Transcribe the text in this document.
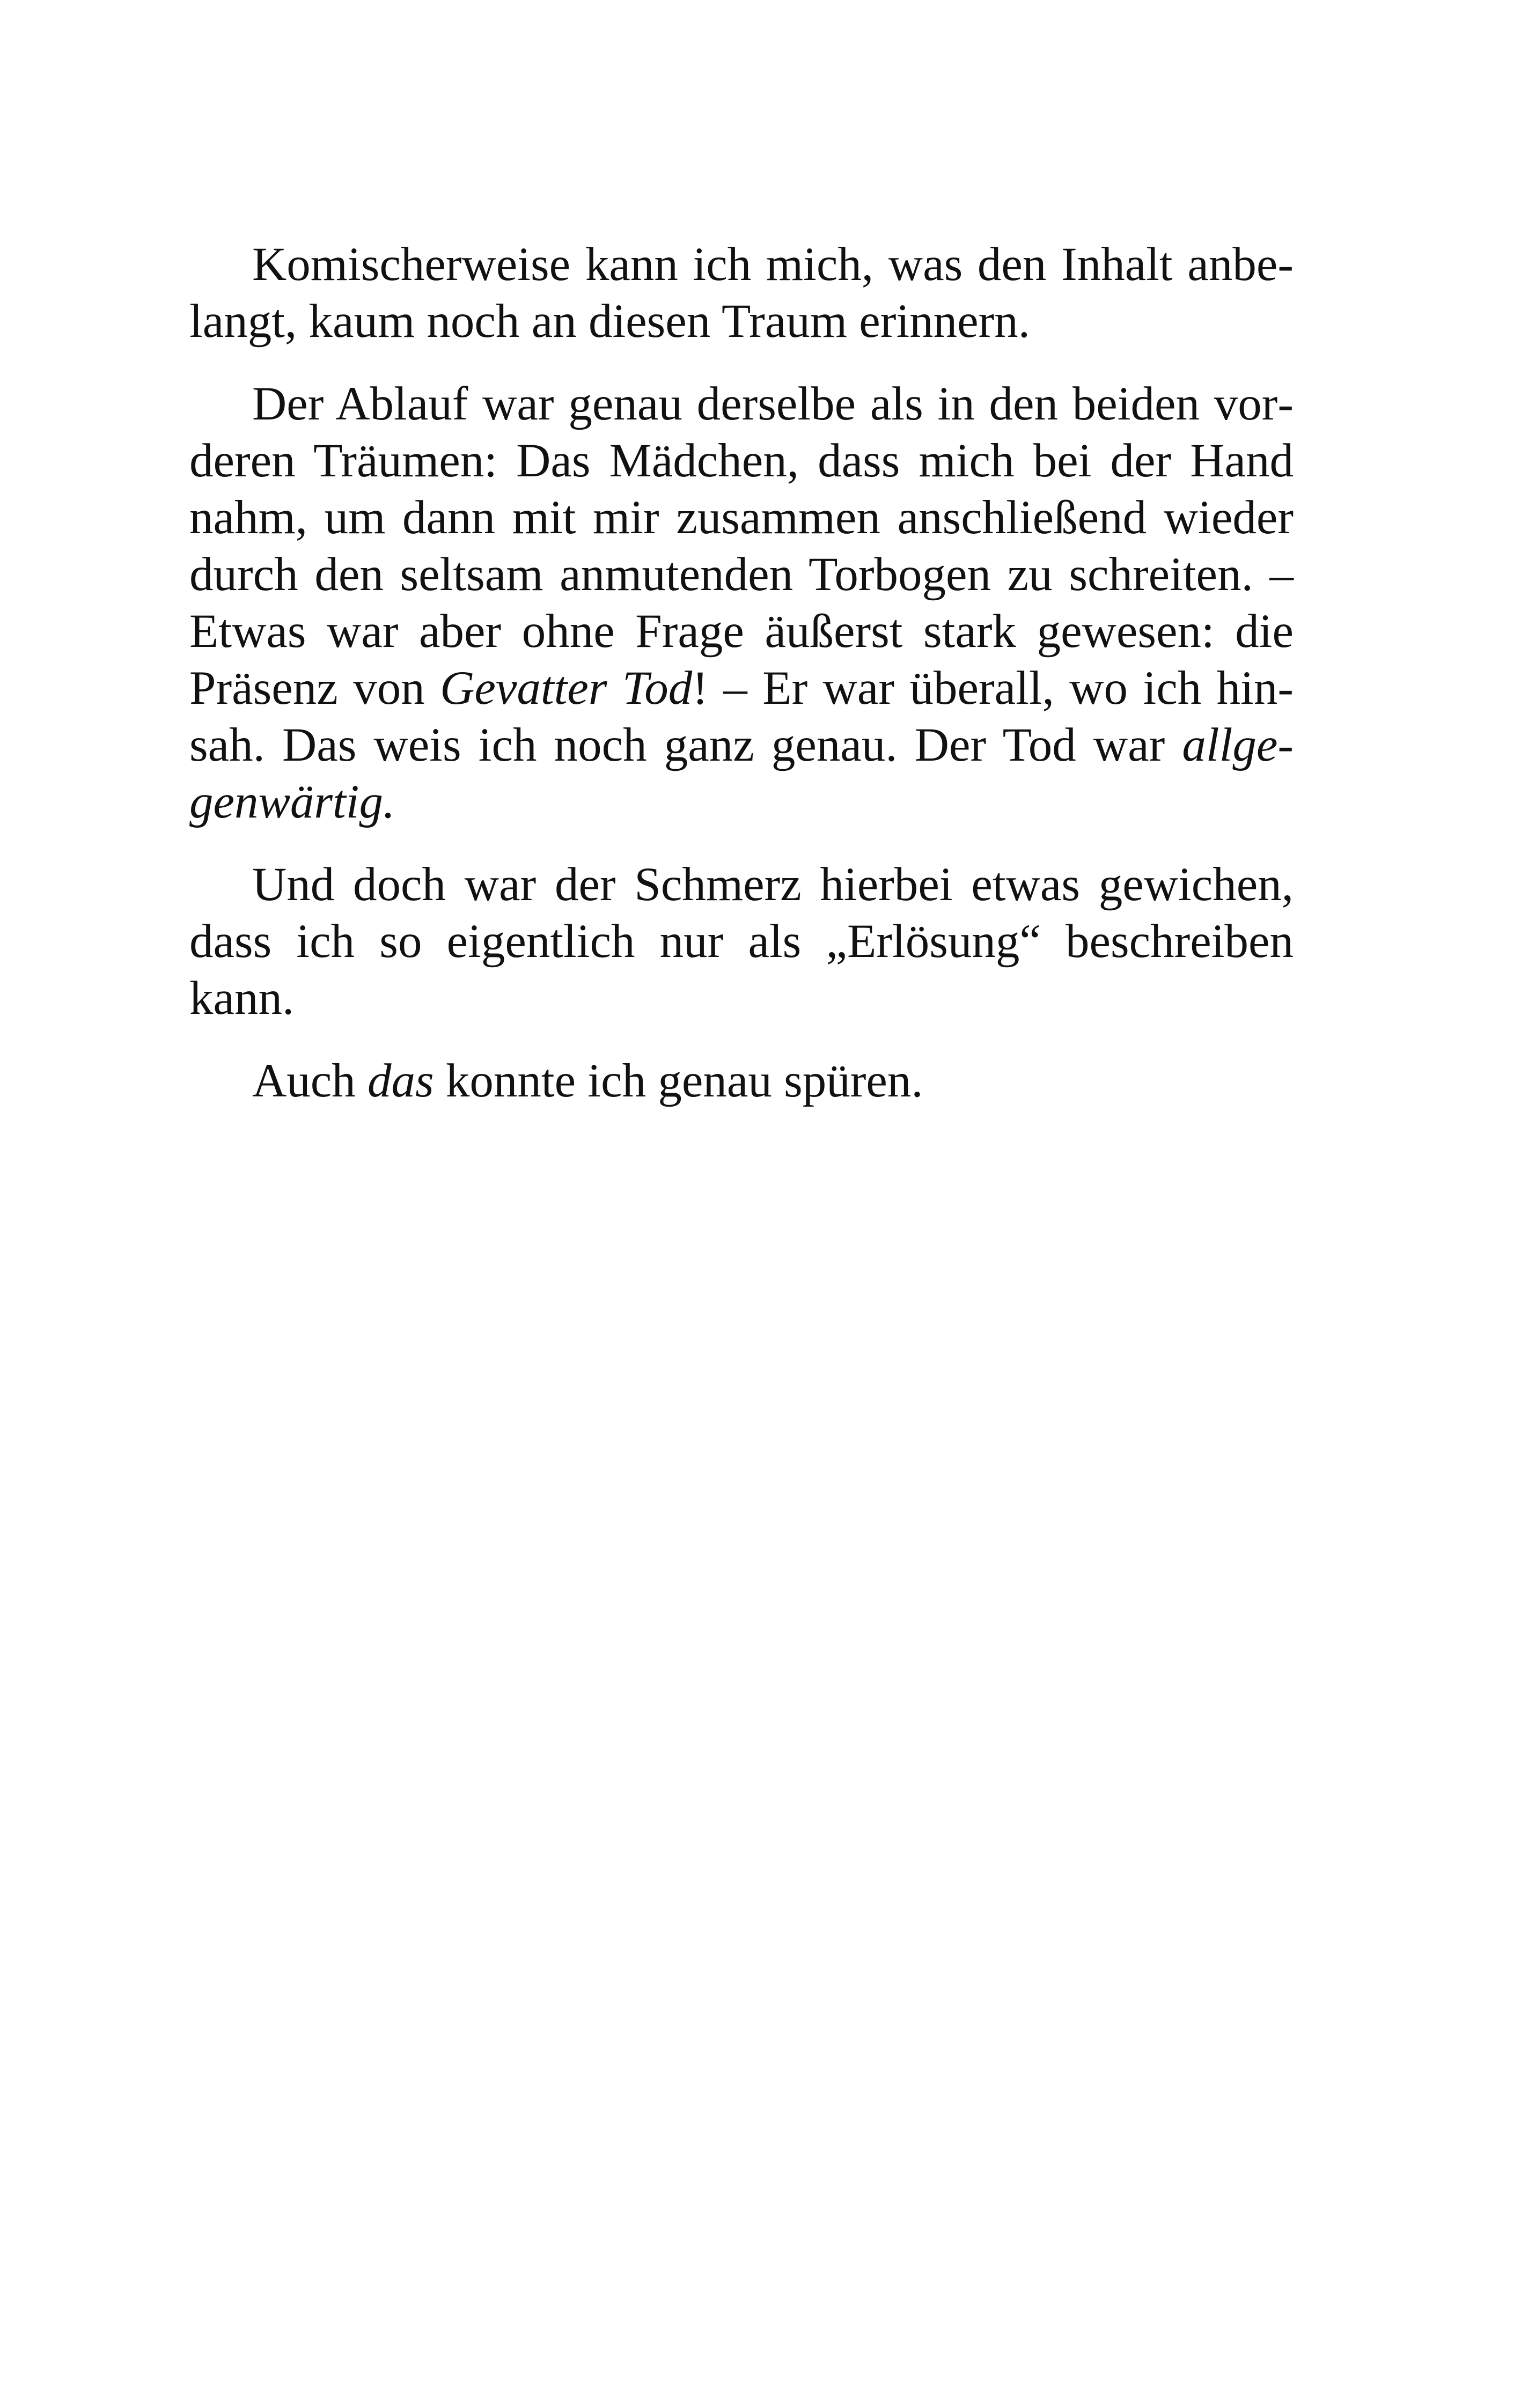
Komischerweise kann ich mich, was den Inhalt anbelangt, kaum noch an diesen Traum erinnern.

Der Ablauf war genau derselbe als in den beiden vorderen Träumen: Das Mädchen, dass mich bei der Hand nahm, um dann mit mir zusammen anschließend wieder durch den seltsam anmutenden Torbogen zu schreiten. – Etwas war aber ohne Frage äußerst stark gewesen: die Präsenz von Gevatter Tod! – Er war überall, wo ich hinsah. Das weis ich noch ganz genau. Der Tod war allgegenwärtig.

Und doch war der Schmerz hierbei etwas gewichen, dass ich so eigentlich nur als „Erlösung“ beschreiben kann.

Auch das konnte ich genau spüren.
